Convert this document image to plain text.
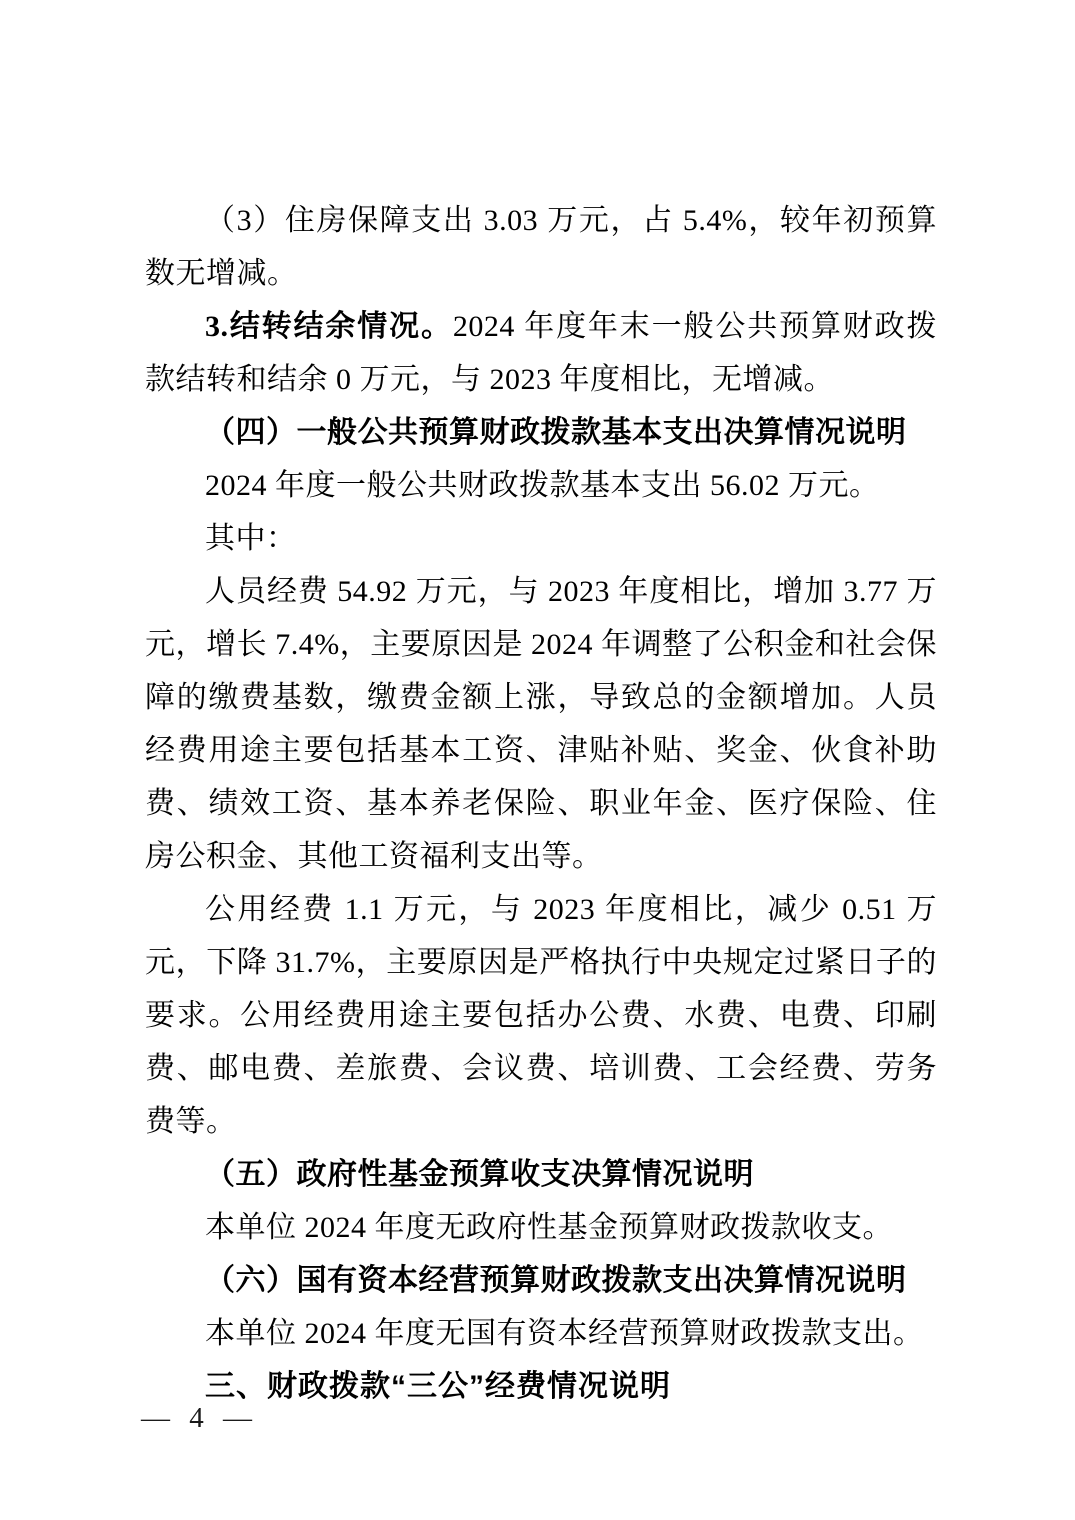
（3）住房保障支出 3.03 万元，占 5.4%，较年初预算数无增减。

3.结转结余情况。2024 年度年末一般公共预算财政拨款结转和结余 0 万元，与 2023 年度相比，无增减。

（四）一般公共预算财政拨款基本支出决算情况说明

2024 年度一般公共财政拨款基本支出 56.02 万元。

其中：

人员经费 54.92 万元，与 2023 年度相比，增加 3.77 万元，增长 7.4%，主要原因是 2024 年调整了公积金和社会保障的缴费基数，缴费金额上涨，导致总的金额增加。人员经费用途主要包括基本工资、津贴补贴、奖金、伙食补助费、绩效工资、基本养老保险、职业年金、医疗保险、住房公积金、其他工资福利支出等。

公用经费 1.1 万元，与 2023 年度相比，减少 0.51 万元，下降 31.7%，主要原因是严格执行中央规定过紧日子的要求。公用经费用途主要包括办公费、水费、电费、印刷费、邮电费、差旅费、会议费、培训费、工会经费、劳务费等。

（五）政府性基金预算收支决算情况说明

本单位 2024 年度无政府性基金预算财政拨款收支。

（六）国有资本经营预算财政拨款支出决算情况说明

本单位 2024 年度无国有资本经营预算财政拨款支出。

三、财政拨款“三公”经费情况说明

— 4 —
